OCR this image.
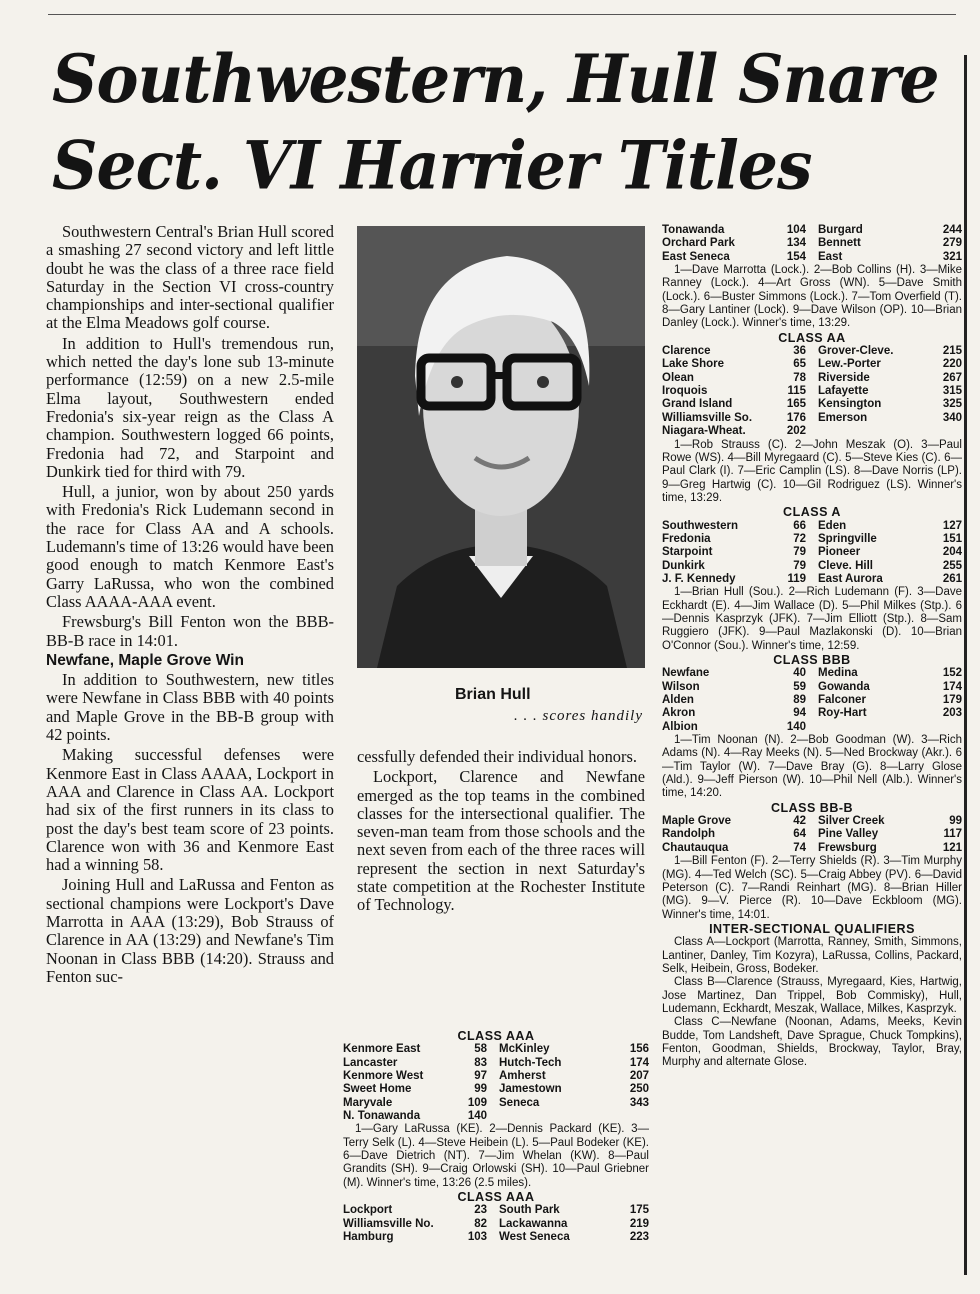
Southwestern, Hull Snare
Sect. VI Harrier Titles

Southwestern Central's Brian Hull scored a smashing 27 second victory and left little doubt he was the class of a three race field Saturday in the Section VI cross-country championships and inter-sectional qualifier at the Elma Meadows golf course.

In addition to Hull's tremendous run, which netted the day's lone sub 13-minute performance (12:59) on a new 2.5-mile Elma layout, Southwestern ended Fredonia's six-year reign as the Class A champion. Southwestern logged 66 points, Fredonia had 72, and Starpoint and Dunkirk tied for third with 79.

Hull, a junior, won by about 250 yards with Fredonia's Rick Ludemann second in the race for Class AA and A schools. Ludemann's time of 13:26 would have been good enough to match Kenmore East's Garry LaRussa, who won the combined Class AAAA-AAA event.

Frewsburg's Bill Fenton won the BBB-BB-B race in 14:01.

Newfane, Maple Grove Win

In addition to Southwestern, new titles were Newfane in Class BBB with 40 points and Maple Grove in the BB-B group with 42 points.

Making successful defenses were Kenmore East in Class AAAA, Lockport in AAA and Clarence in Class AA. Lockport had six of the first runners in its class to post the day's best team score of 23 points. Clarence won with 36 and Kenmore East had a winning 58.

Joining Hull and LaRussa and Fenton as sectional champions were Lockport's Dave Marrotta in AAA (13:29), Bob Strauss of Clarence in AA (13:29) and Newfane's Tim Noonan in Class BBB (14:20). Strauss and Fenton suc-

Brian Hull
. . . scores handily

cessfully defended their individual honors.

Lockport, Clarence and Newfane emerged as the top teams in the combined classes for the intersectional qualifier. The seven-man team from those schools and the next seven from each of the three races will represent the section in next Saturday's state competition at the Rochester Institute of Technology.

CLASS AAA
Kenmore East	58 McKinley	156
Lancaster	83 Hutch-Tech	174
Kenmore West	97 Amherst	207
Sweet Home	99 Jamestown	250
Maryvale	109 Seneca	343
N. Tonawanda	140

1—Gary LaRussa (KE). 2—Dennis Packard (KE). 3—Terry Selk (L). 4—Steve Heibein (L). 5—Paul Bodeker (KE). 6—Dave Dietrich (NT). 7—Jim Whelan (KW). 8—Paul Grandits (SH). 9—Craig Orlowski (SH). 10—Paul Griebner (M). Winner's time, 13:26 (2.5 miles).

CLASS AAA
Lockport	23 South Park	175
Williamsville No.	82 Lackawanna	219
Hamburg	103 West Seneca	223
Tonawanda	104 Burgard	244
Orchard Park	134 Bennett	279
East Seneca	154 East	321

1—Dave Marrotta (Lock.). 2—Bob Collins (H). 3—Mike Ranney (Lock.). 4—Art Gross (WN). 5—Dave Smith (Lock.). 6—Buster Simmons (Lock.). 7—Tom Overfield (T). 8—Gary Lantiner (Lock). 9—Dave Wilson (OP). 10—Brian Danley (Lock.). Winner's time, 13:29.

CLASS AA
Clarence	36 Grover-Cleve.	215
Lake Shore	65 Lew.-Porter	220
Olean	78 Riverside	267
Iroquois	115 Lafayette	315
Grand Island	165 Kensington	325
Williamsville So.	176 Emerson	340
Niagara-Wheat.	202

1—Rob Strauss (C). 2—John Meszak (O). 3—Paul Rowe (WS). 4—Bill Myregaard (C). 5—Steve Kies (C). 6—Paul Clark (I). 7—Eric Camplin (LS). 8—Dave Norris (LP). 9—Greg Hartwig (C). 10—Gil Rodriguez (LS). Winner's time, 13:29.

CLASS A
Southwestern	66 Eden	127
Fredonia	72 Springville	151
Starpoint	79 Pioneer	204
Dunkirk	79 Cleve. Hill	255
J. F. Kennedy	119 East Aurora	261

1—Brian Hull (Sou.). 2—Rich Ludemann (F). 3—Dave Eckhardt (E). 4—Jim Wallace (D). 5—Phil Milkes (Stp.). 6—Dennis Kasprzyk (JFK). 7—Jim Elliott (Stp.). 8—Sam Ruggiero (JFK). 9—Paul Mazlakonski (D). 10—Brian O'Connor (Sou.). Winner's time, 12:59.

CLASS BBB
Newfane	40 Medina	152
Wilson	59 Gowanda	174
Alden	89 Falconer	179
Akron	94 Roy-Hart	203
Albion	140

1—Tim Noonan (N). 2—Bob Goodman (W). 3—Rich Adams (N). 4—Ray Meeks (N). 5—Ned Brockway (Akr.). 6—Tim Taylor (W). 7—Dave Bray (G). 8—Larry Glose (Ald.). 9—Jeff Pierson (W). 10—Phil Nell (Alb.). Winner's time, 14:20.

CLASS BB-B
Maple Grove	42 Silver Creek	99
Randolph	64 Pine Valley	117
Chautauqua	74 Frewsburg	121

1—Bill Fenton (F). 2—Terry Shields (R). 3—Tim Murphy (MG). 4—Ted Welch (SC). 5—Craig Abbey (PV). 6—David Peterson (C). 7—Randi Reinhart (MG). 8—Brian Hiller (MG). 9—V. Pierce (R). 10—Dave Eckbloom (MG). Winner's time, 14:01.

INTER-SECTIONAL QUALIFIERS

Class A—Lockport (Marrotta, Ranney, Smith, Simmons, Lantiner, Danley, Tim Kozyra), LaRussa, Collins, Packard, Selk, Heibein, Gross, Bodeker.

Class B—Clarence (Strauss, Myregaard, Kies, Hartwig, Jose Martinez, Dan Trippel, Bob Commisky), Hull, Ludemann, Eckhardt, Meszak, Wallace, Milkes, Kasprzyk.

Class C—Newfane (Noonan, Adams, Meeks, Kevin Budde, Tom Landsheft, Dave Sprague, Chuck Tompkins), Fenton, Goodman, Shields, Brockway, Taylor, Bray, Murphy and alternate Glose.
